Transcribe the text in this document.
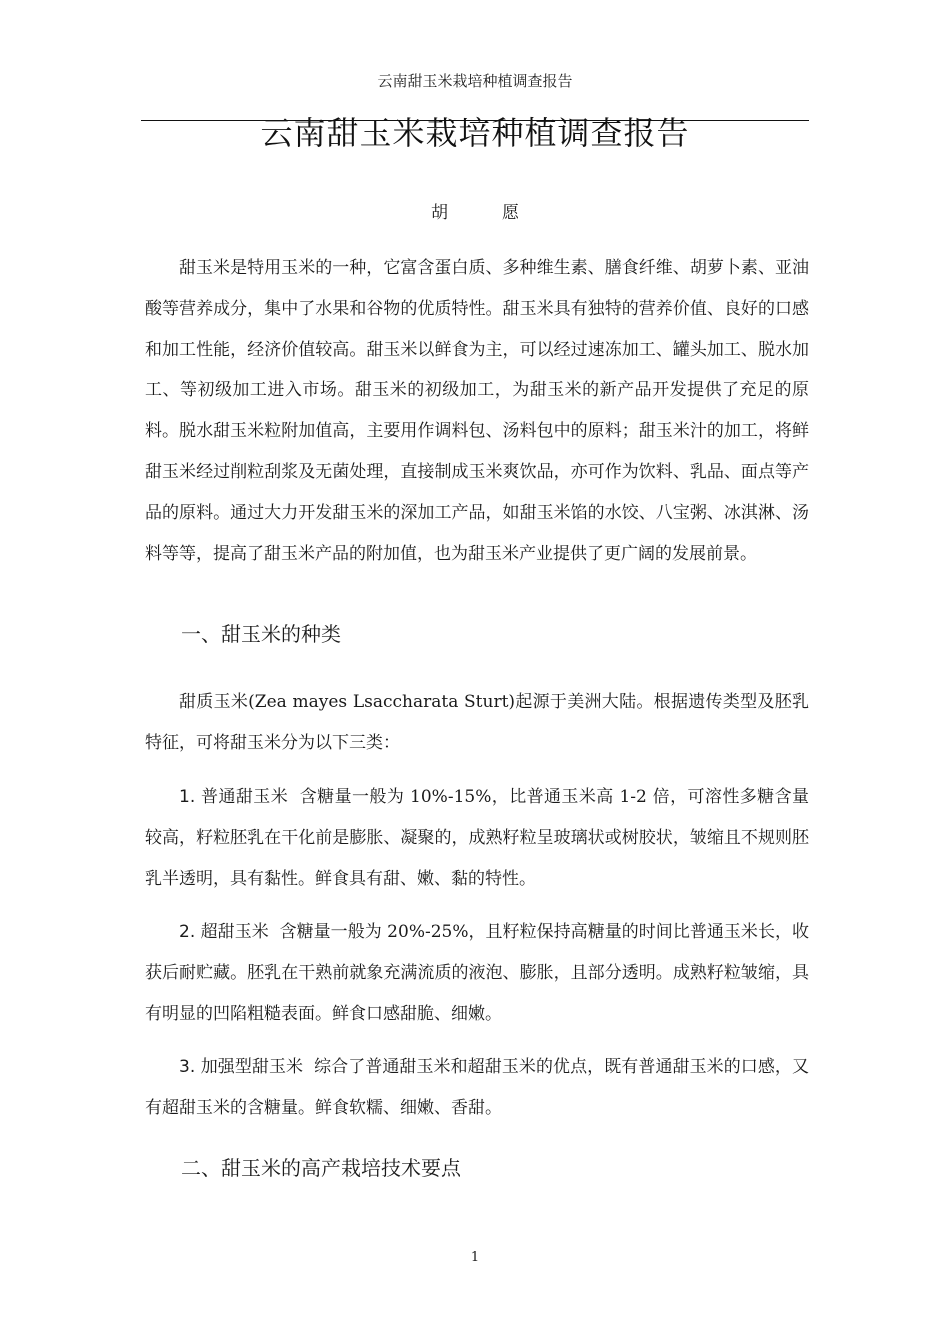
云南甜玉米栽培种植调查报告
云南甜玉米栽培种植调查报告
胡愿

甜玉米是特用玉米的一种，它富含蛋白质、多种维生素、膳食纤维、胡萝卜素、亚油酸等营养成分，集中了水果和谷物的优质特性。甜玉米具有独特的营养价值、良好的口感和加工性能，经济价值较高。甜玉米以鲜食为主，可以经过速冻加工、罐头加工、脱水加工、等初级加工进入市场。甜玉米的初级加工，为甜玉米的新产品开发提供了充足的原料。脱水甜玉米粒附加值高，主要用作调料包、汤料包中的原料；甜玉米汁的加工，将鲜甜玉米经过削粒刮浆及无菌处理，直接制成玉米爽饮品，亦可作为饮料、乳品、面点等产品的原料。通过大力开发甜玉米的深加工产品，如甜玉米馅的水饺、八宝粥、冰淇淋、汤料等等，提高了甜玉米产品的附加值，也为甜玉米产业提供了更广阔的发展前景。

一、甜玉米的种类

甜质玉米(Zea mayes Lsaccharata Sturt)起源于美洲大陆。根据遗传类型及胚乳特征，可将甜玉米分为以下三类：

1. 普通甜玉米 含糖量一般为 10%-15%，比普通玉米高 1-2 倍，可溶性多糖含量较高，籽粒胚乳在干化前是膨胀、凝聚的，成熟籽粒呈玻璃状或树胶状，皱缩且不规则胚乳半透明，具有黏性。鲜食具有甜、嫩、黏的特性。

2. 超甜玉米 含糖量一般为 20%-25%，且籽粒保持高糖量的时间比普通玉米长，收获后耐贮藏。胚乳在干熟前就象充满流质的液泡、膨胀，且部分透明。成熟籽粒皱缩，具有明显的凹陷粗糙表面。鲜食口感甜脆、细嫩。

3. 加强型甜玉米 综合了普通甜玉米和超甜玉米的优点，既有普通甜玉米的口感，又有超甜玉米的含糖量。鲜食软糯、细嫩、香甜。

二、甜玉米的高产栽培技术要点
1
